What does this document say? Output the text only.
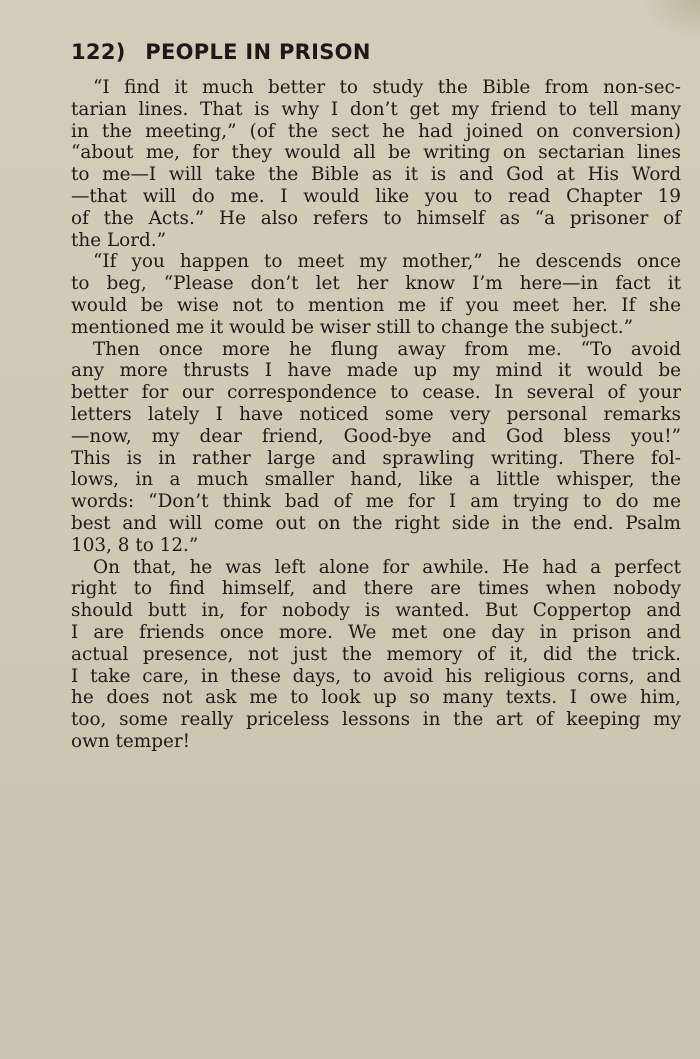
122) PEOPLE IN PRISON
“I find it much better to study the Bible from non-sec-
tarian lines. That is why I don’t get my friend to tell many
in the meeting,” (of the sect he had joined on conversion)
“about me, for they would all be writing on sectarian lines
to me—I will take the Bible as it is and God at His Word
—that will do me. I would like you to read Chapter 19
of the Acts.” He also refers to himself as “a prisoner of
the Lord.”
“If you happen to meet my mother,” he descends once
to beg, “Please don’t let her know I’m here—in fact it
would be wise not to mention me if you meet her. If she
mentioned me it would be wiser still to change the subject.”
Then once more he flung away from me. “To avoid
any more thrusts I have made up my mind it would be
better for our correspondence to cease. In several of your
letters lately I have noticed some very personal remarks
—now, my dear friend, Good-bye and God bless you!”
This is in rather large and sprawling writing. There fol-
lows, in a much smaller hand, like a little whisper, the
words: “Don’t think bad of me for I am trying to do me
best and will come out on the right side in the end. Psalm
103, 8 to 12.”
On that, he was left alone for awhile. He had a perfect
right to find himself, and there are times when nobody
should butt in, for nobody is wanted. But Coppertop and
I are friends once more. We met one day in prison and
actual presence, not just the memory of it, did the trick.
I take care, in these days, to avoid his religious corns, and
he does not ask me to look up so many texts. I owe him,
too, some really priceless lessons in the art of keeping my
own temper!
